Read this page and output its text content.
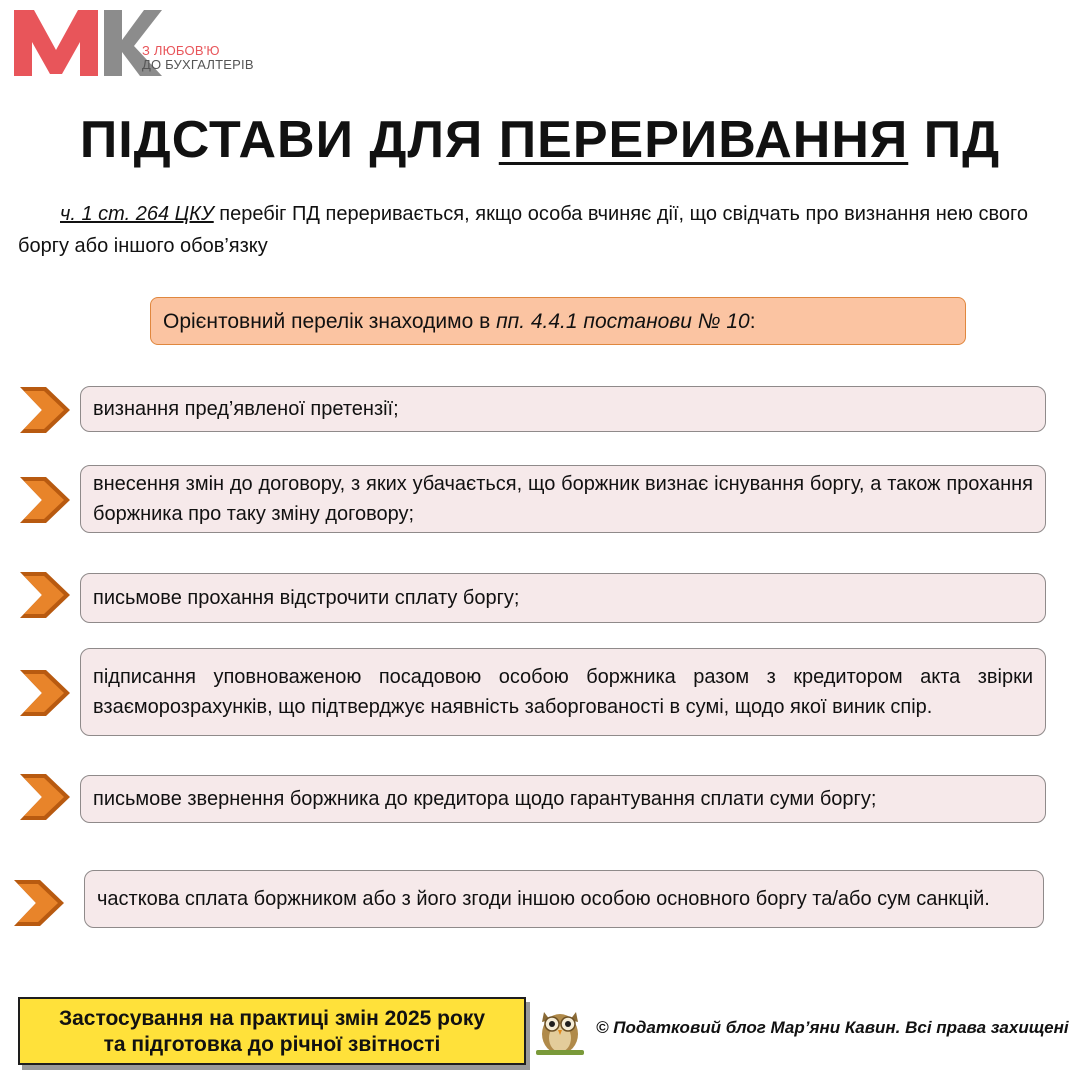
З ЛЮБОВ'Ю
ДО БУХГАЛТЕРІВ
ПІДСТАВИ ДЛЯ ПЕРЕРИВАННЯ ПД
ч. 1 ст. 264 ЦКУ перебіг ПД переривається, якщо особа вчиняє дії, що свідчать про визнання нею свого боргу або іншого обов’язку
Орієнтовний перелік знаходимо в пп. 4.4.1 постанови № 10:
визнання пред’явленої претензії;
внесення змін до договору, з яких убачається, що боржник визнає існування боргу, а також прохання боржника про таку зміну договору;
письмове прохання відстрочити сплату боргу;
підписання уповноваженою посадовою особою боржника разом з кредитором акта звірки взаєморозрахунків, що підтверджує наявність заборгованості в сумі, щодо якої виник спір.
письмове звернення боржника до кредитора щодо гарантування сплати суми боргу;
часткова сплата боржником або з його згоди іншою особою основного боргу та/або сум санкцій.
Застосування на практиці змін 2025 року
та підготовка до річної звітності
© Податковий блог Мар’яни Кавин. Всі права захищені
